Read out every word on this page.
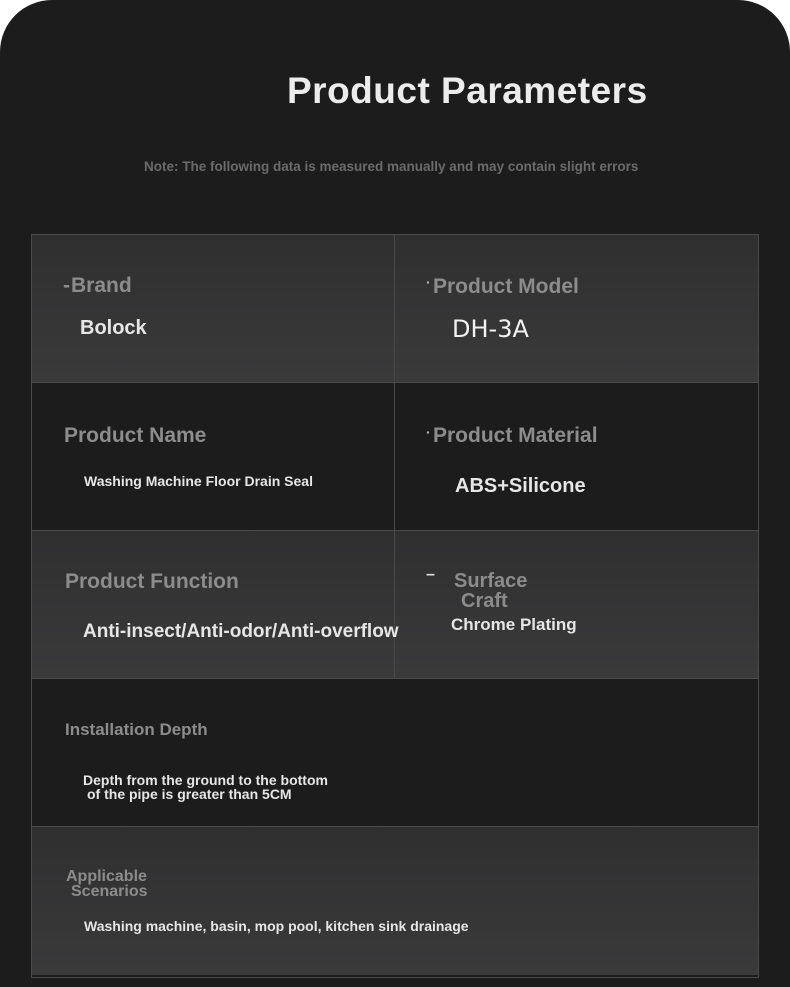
Product Parameters

Note: The following data is measured manually and may contain slight errors

- Brand
Bolock
· Product Model
DH-3A
Product Name
Washing Machine Floor Drain Seal
· Product Material
ABS+Silicone
Product Function
Anti-insect/Anti-odor/Anti-overflow
– Surface
Craft
Chrome Plating
Installation Depth
Depth from the ground to the bottom
of the pipe is greater than 5CM
Applicable
Scenarios
Washing machine, basin, mop pool, kitchen sink drainage
